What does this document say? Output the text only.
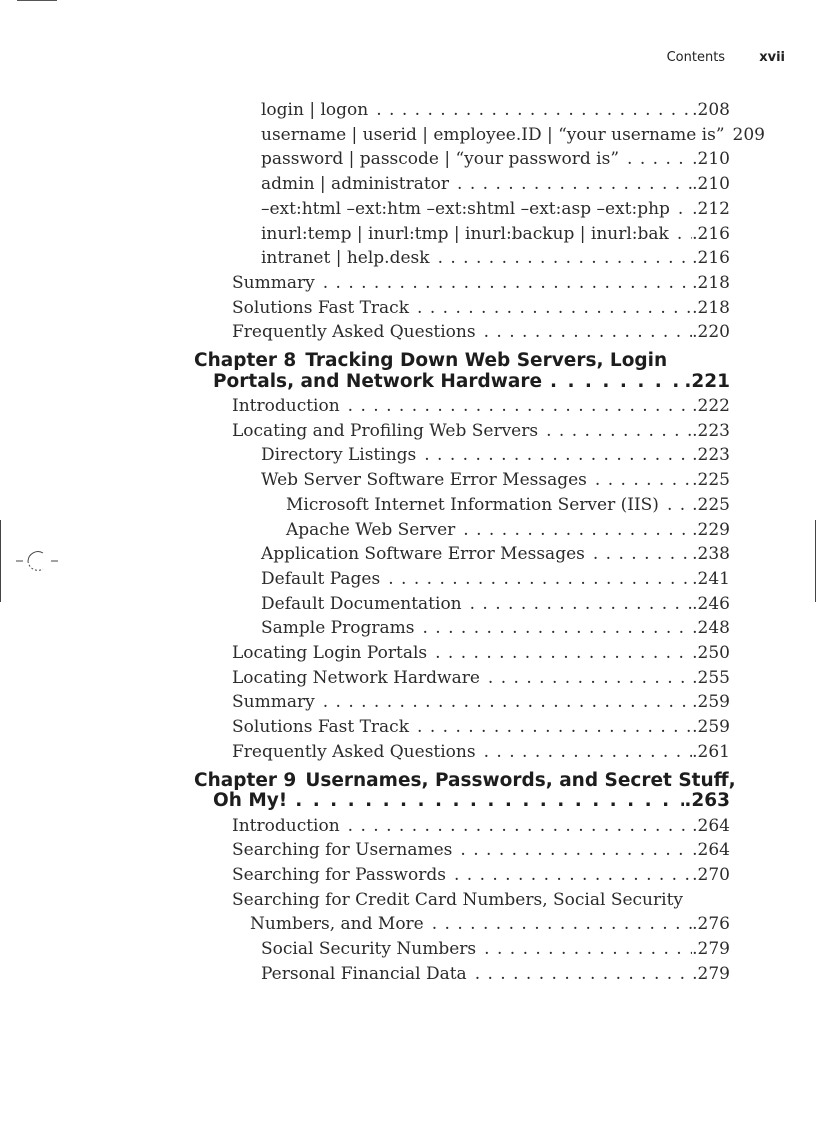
Contents	xvii
login | logon . . .	.208
username | userid | employee.ID | “your username is” 209
password | passcode | “your password is” . . .	.210
admin | administrator . . .	.210
–ext:html –ext:htm –ext:shtml –ext:asp –ext:php . . . .212
inurl:temp | inurl:tmp | inurl:backup | inurl:bak . . . .216
intranet | help.desk . . .	.216
Summary . . .	.218
Solutions Fast Track . . .	.218
Frequently Asked Questions . . .	.220
Chapter 8 Tracking Down Web Servers, Login
Portals, and Network Hardware . . .	.221
Introduction . . .	.222
Locating and Profiling Web Servers . . .	.223
Directory Listings . . .	.223
Web Server Software Error Messages . . .	.225
Microsoft Internet Information Server (IIS) . . . .225
Apache Web Server . . .	.229
Application Software Error Messages . . .	.238
Default Pages . . .	.241
Default Documentation . . .	.246
Sample Programs . . .	.248
Locating Login Portals . . .	.250
Locating Network Hardware . . .	.255
Summary . . .	.259
Solutions Fast Track . . .	.259
Frequently Asked Questions . . .	.261
Chapter 9 Usernames, Passwords, and Secret Stuff,
Oh My! . . .	.263
Introduction . . .	.264
Searching for Usernames . . .	.264
Searching for Passwords . . .	.270
Searching for Credit Card Numbers, Social Security
Numbers, and More . . .	.276
Social Security Numbers . . .	.279
Personal Financial Data . . .	.279
